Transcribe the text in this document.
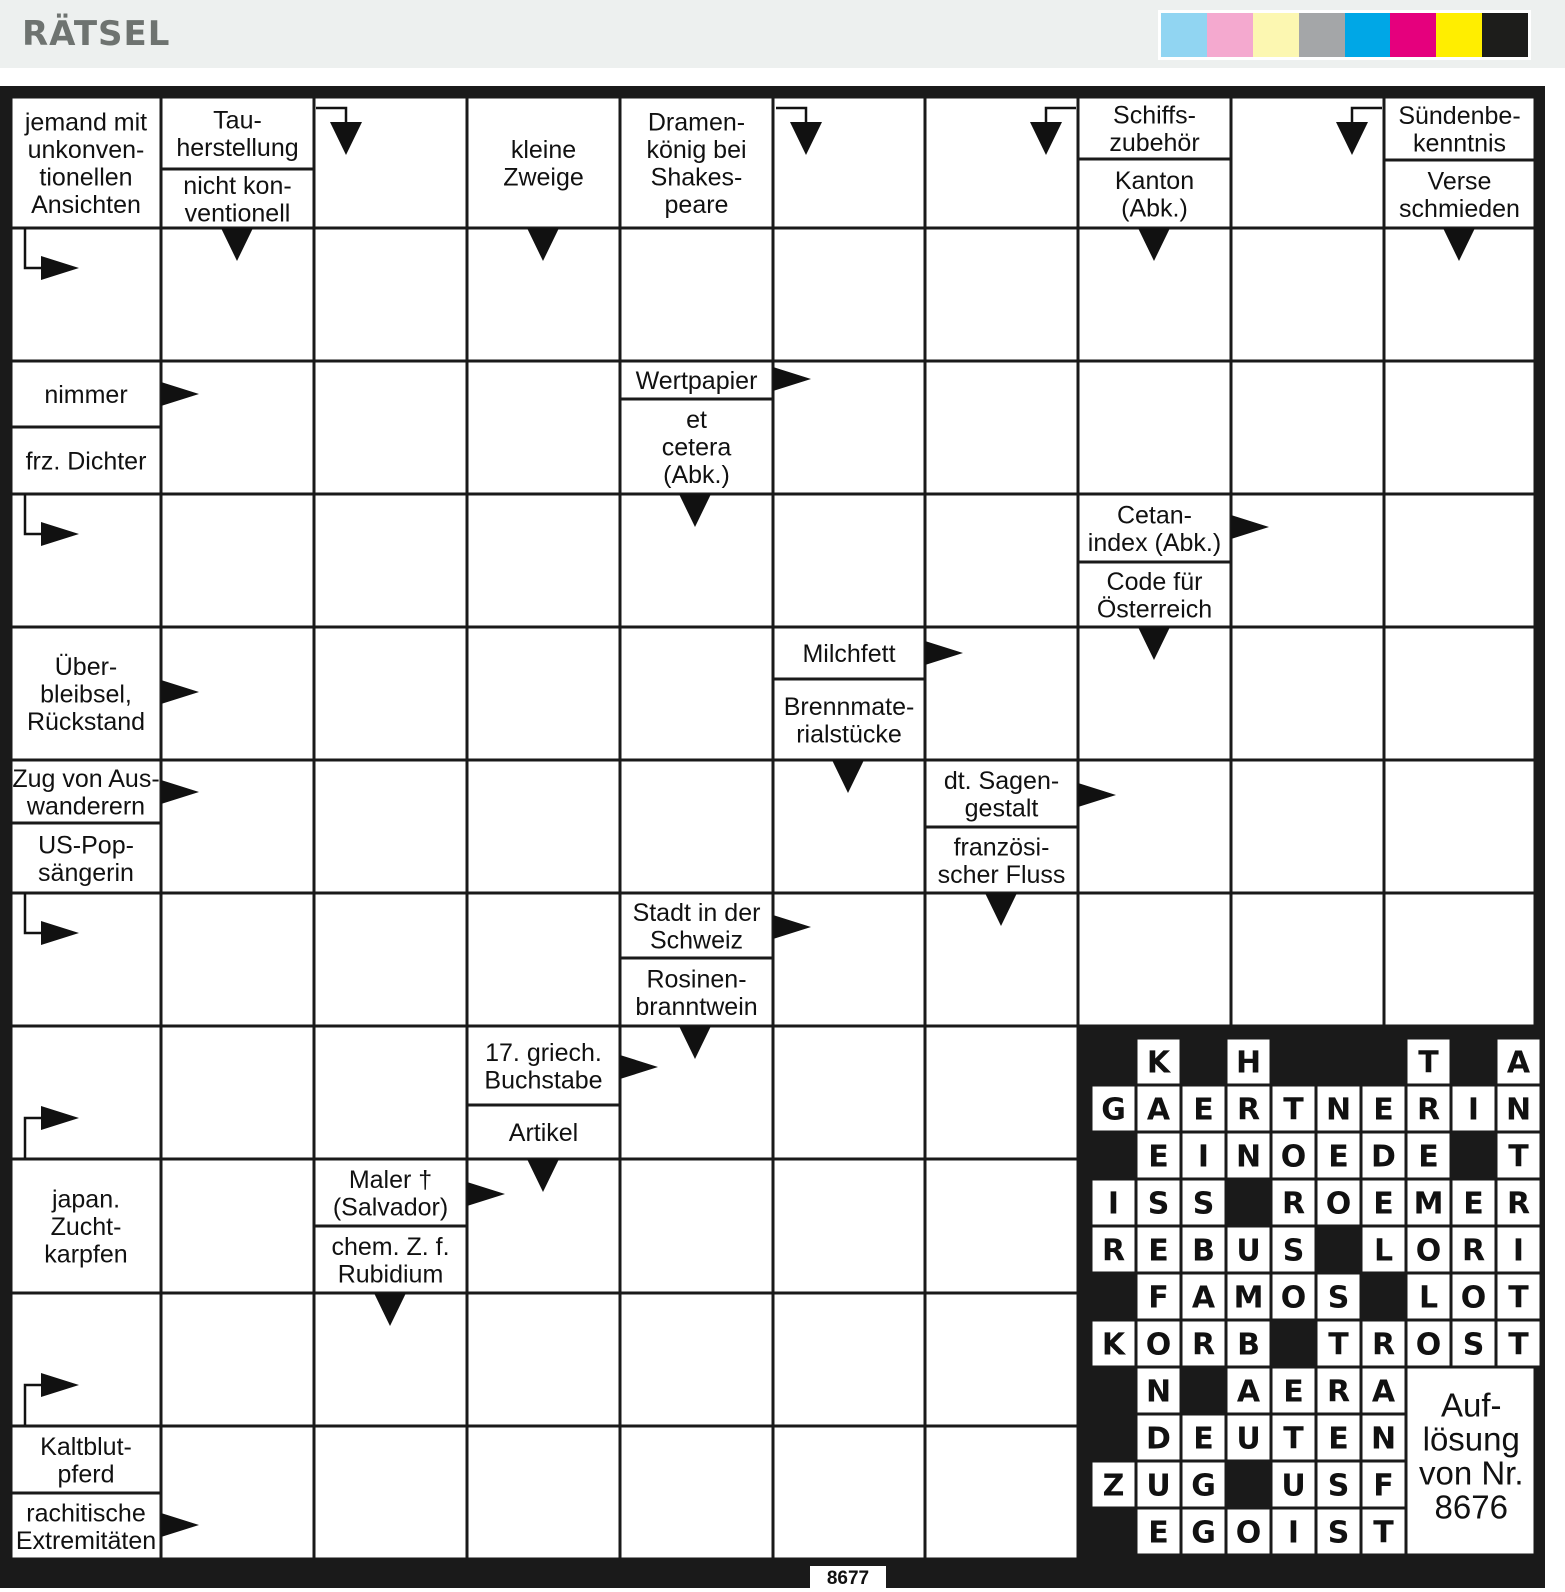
RÄTSEL
jemand mit unkonven-tionellen Ansichten
Tau-herstellung
nicht kon-ventionell
kleine Zweige
Dramen-könig bei Shakes-peare
Schiffs-zubehör
Kanton (Abk.)
Sündenbe-kenntnis
Verse schmieden
nimmer
frz. Dichter
Wertpapier
et cetera (Abk.)
Cetan-index (Abk.)
Code für Österreich
Über-bleibsel, Rückstand
Milchfett
Brennmate-rialstücke
Zug von Aus-wanderern
US-Pop-sängerin
dt. Sagen-gestalt
französi-scher Fluss
Stadt in der Schweiz
Rosinen-branntwein
17. griech. Buchstabe
Artikel
japan. Zucht-karpfen
Maler † (Salvador)
chem. Z. f. Rubidium
Kaltblut-pferd
rachitische Extremitäten
K H	T A
G A E R T N E R I N
E I N O E D E T
I S S R O E M E R
R E B U S L O R I
F A M O S L O T
K O R B T R O S T
N A E R A
D E U T E N
Z U G U S F
E G O I S T
Auf-lösung von Nr. 8676
8677
